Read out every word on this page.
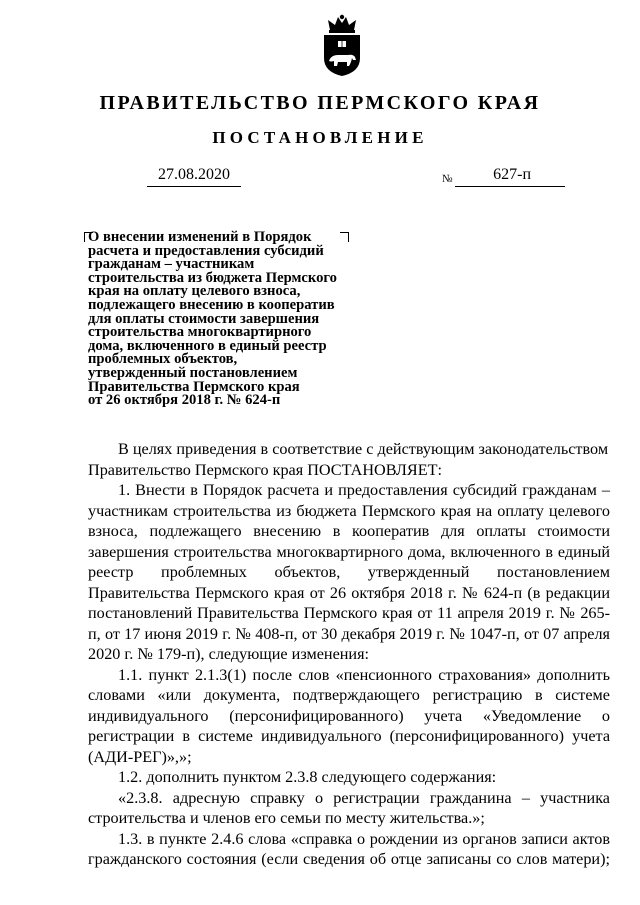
ПРАВИТЕЛЬСТВО ПЕРМСКОГО КРАЯ
ПОСТАНОВЛЕНИЕ
27.08.2020	№	627-п
О внесении изменений в Порядок
расчета и предоставления субсидий
гражданам – участникам
строительства из бюджета Пермского
края на оплату целевого взноса,
подлежащего внесению в кооператив
для оплаты стоимости завершения
строительства многоквартирного
дома, включенного в единый реестр
проблемных объектов,
утвержденный постановлением
Правительства Пермского края
от 26 октября 2018 г. № 624-п

В целях приведения в соответствие с действующим законодательством

Правительство Пермского края ПОСТАНОВЛЯЕТ:

1. Внести в Порядок расчета и предоставления субсидий гражданам – участникам строительства из бюджета Пермского края на оплату целевого взноса, подлежащего внесению в кооператив для оплаты стоимости завершения строительства многоквартирного дома, включенного в единый реестр проблемных объектов, утвержденный постановлением Правительства Пермского края от 26 октября 2018 г. № 624-п (в редакции постановлений Правительства Пермского края от 11 апреля 2019 г. № 265-п, от 17 июня 2019 г. № 408-п, от 30 декабря 2019 г. № 1047-п, от 07 апреля 2020 г. № 179-п), следующие изменения:

1.1. пункт 2.1.3(1) после слов «пенсионного страхования» дополнить словами «или документа, подтверждающего регистрацию в системе индивидуального (персонифицированного) учета «Уведомление о регистрации в системе индивидуального (персонифицированного) учета (АДИ-РЕГ)»,»;

1.2. дополнить пунктом 2.3.8 следующего содержания:

«2.3.8. адресную справку о регистрации гражданина – участника строительства и членов его семьи по месту жительства.»;

1.3. в пункте 2.4.6 слова «справка о рождении из органов записи актов гражданского состояния (если сведения об отце записаны со слов матери);
